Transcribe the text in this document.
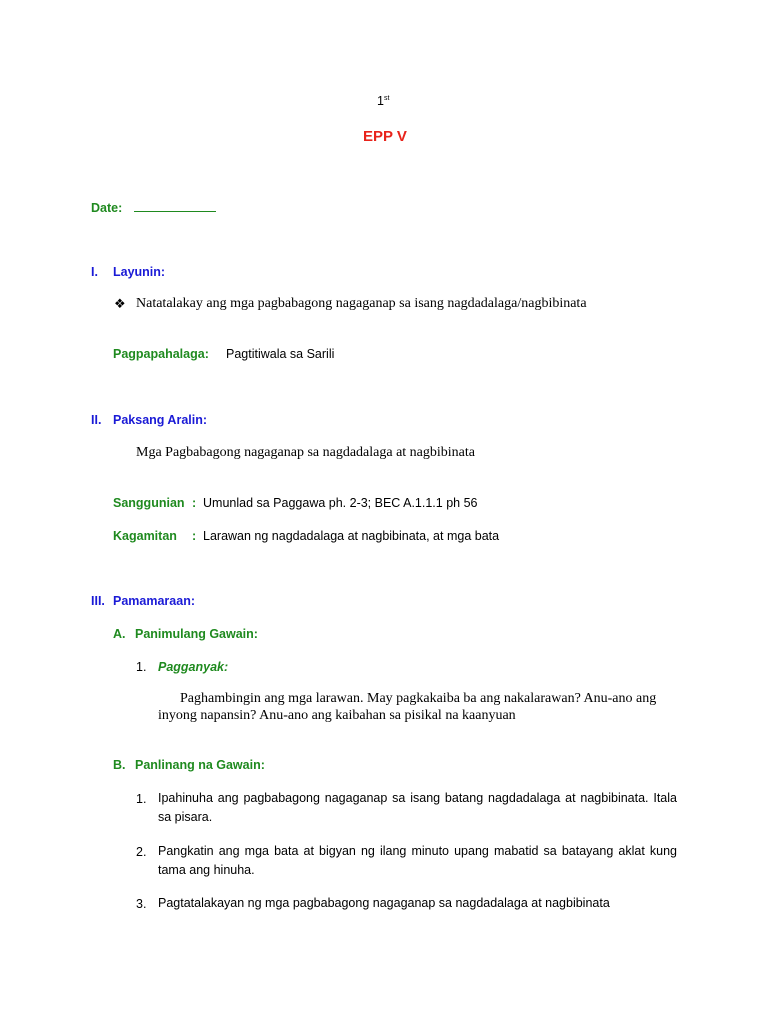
1st
EPP V
Date:
I. Layunin:
❖ Natatalakay ang mga pagbabagong nagaganap sa isang nagdadalaga/nagbibinata
Pagpapahalaga: Pagtitiwala sa Sarili
II. Paksang Aralin:
Mga Pagbabagong nagaganap sa nagdadalaga at nagbibinata
Sanggunian : Umunlad sa Paggawa ph. 2-3; BEC A.1.1.1 ph 56
Kagamitan : Larawan ng nagdadalaga at nagbibinata, at mga bata
III. Pamamaraan:
A. Panimulang Gawain:
1. Pagganyak:
Paghambingin ang mga larawan. May pagkakaiba ba ang nakalarawan? Anu-ano ang inyong napansin? Anu-ano ang kaibahan sa pisikal na kaanyuan
B. Panlinang na Gawain:
1. Ipahinuha ang pagbabagong nagaganap sa isang batang nagdadalaga at nagbibinata. Itala sa pisara.
2. Pangkatin ang mga bata at bigyan ng ilang minuto upang mabatid sa batayang aklat kung tama ang hinuha.
3. Pagtatalakayan ng mga pagbabagong nagaganap sa nagdadalaga at nagbibinata
